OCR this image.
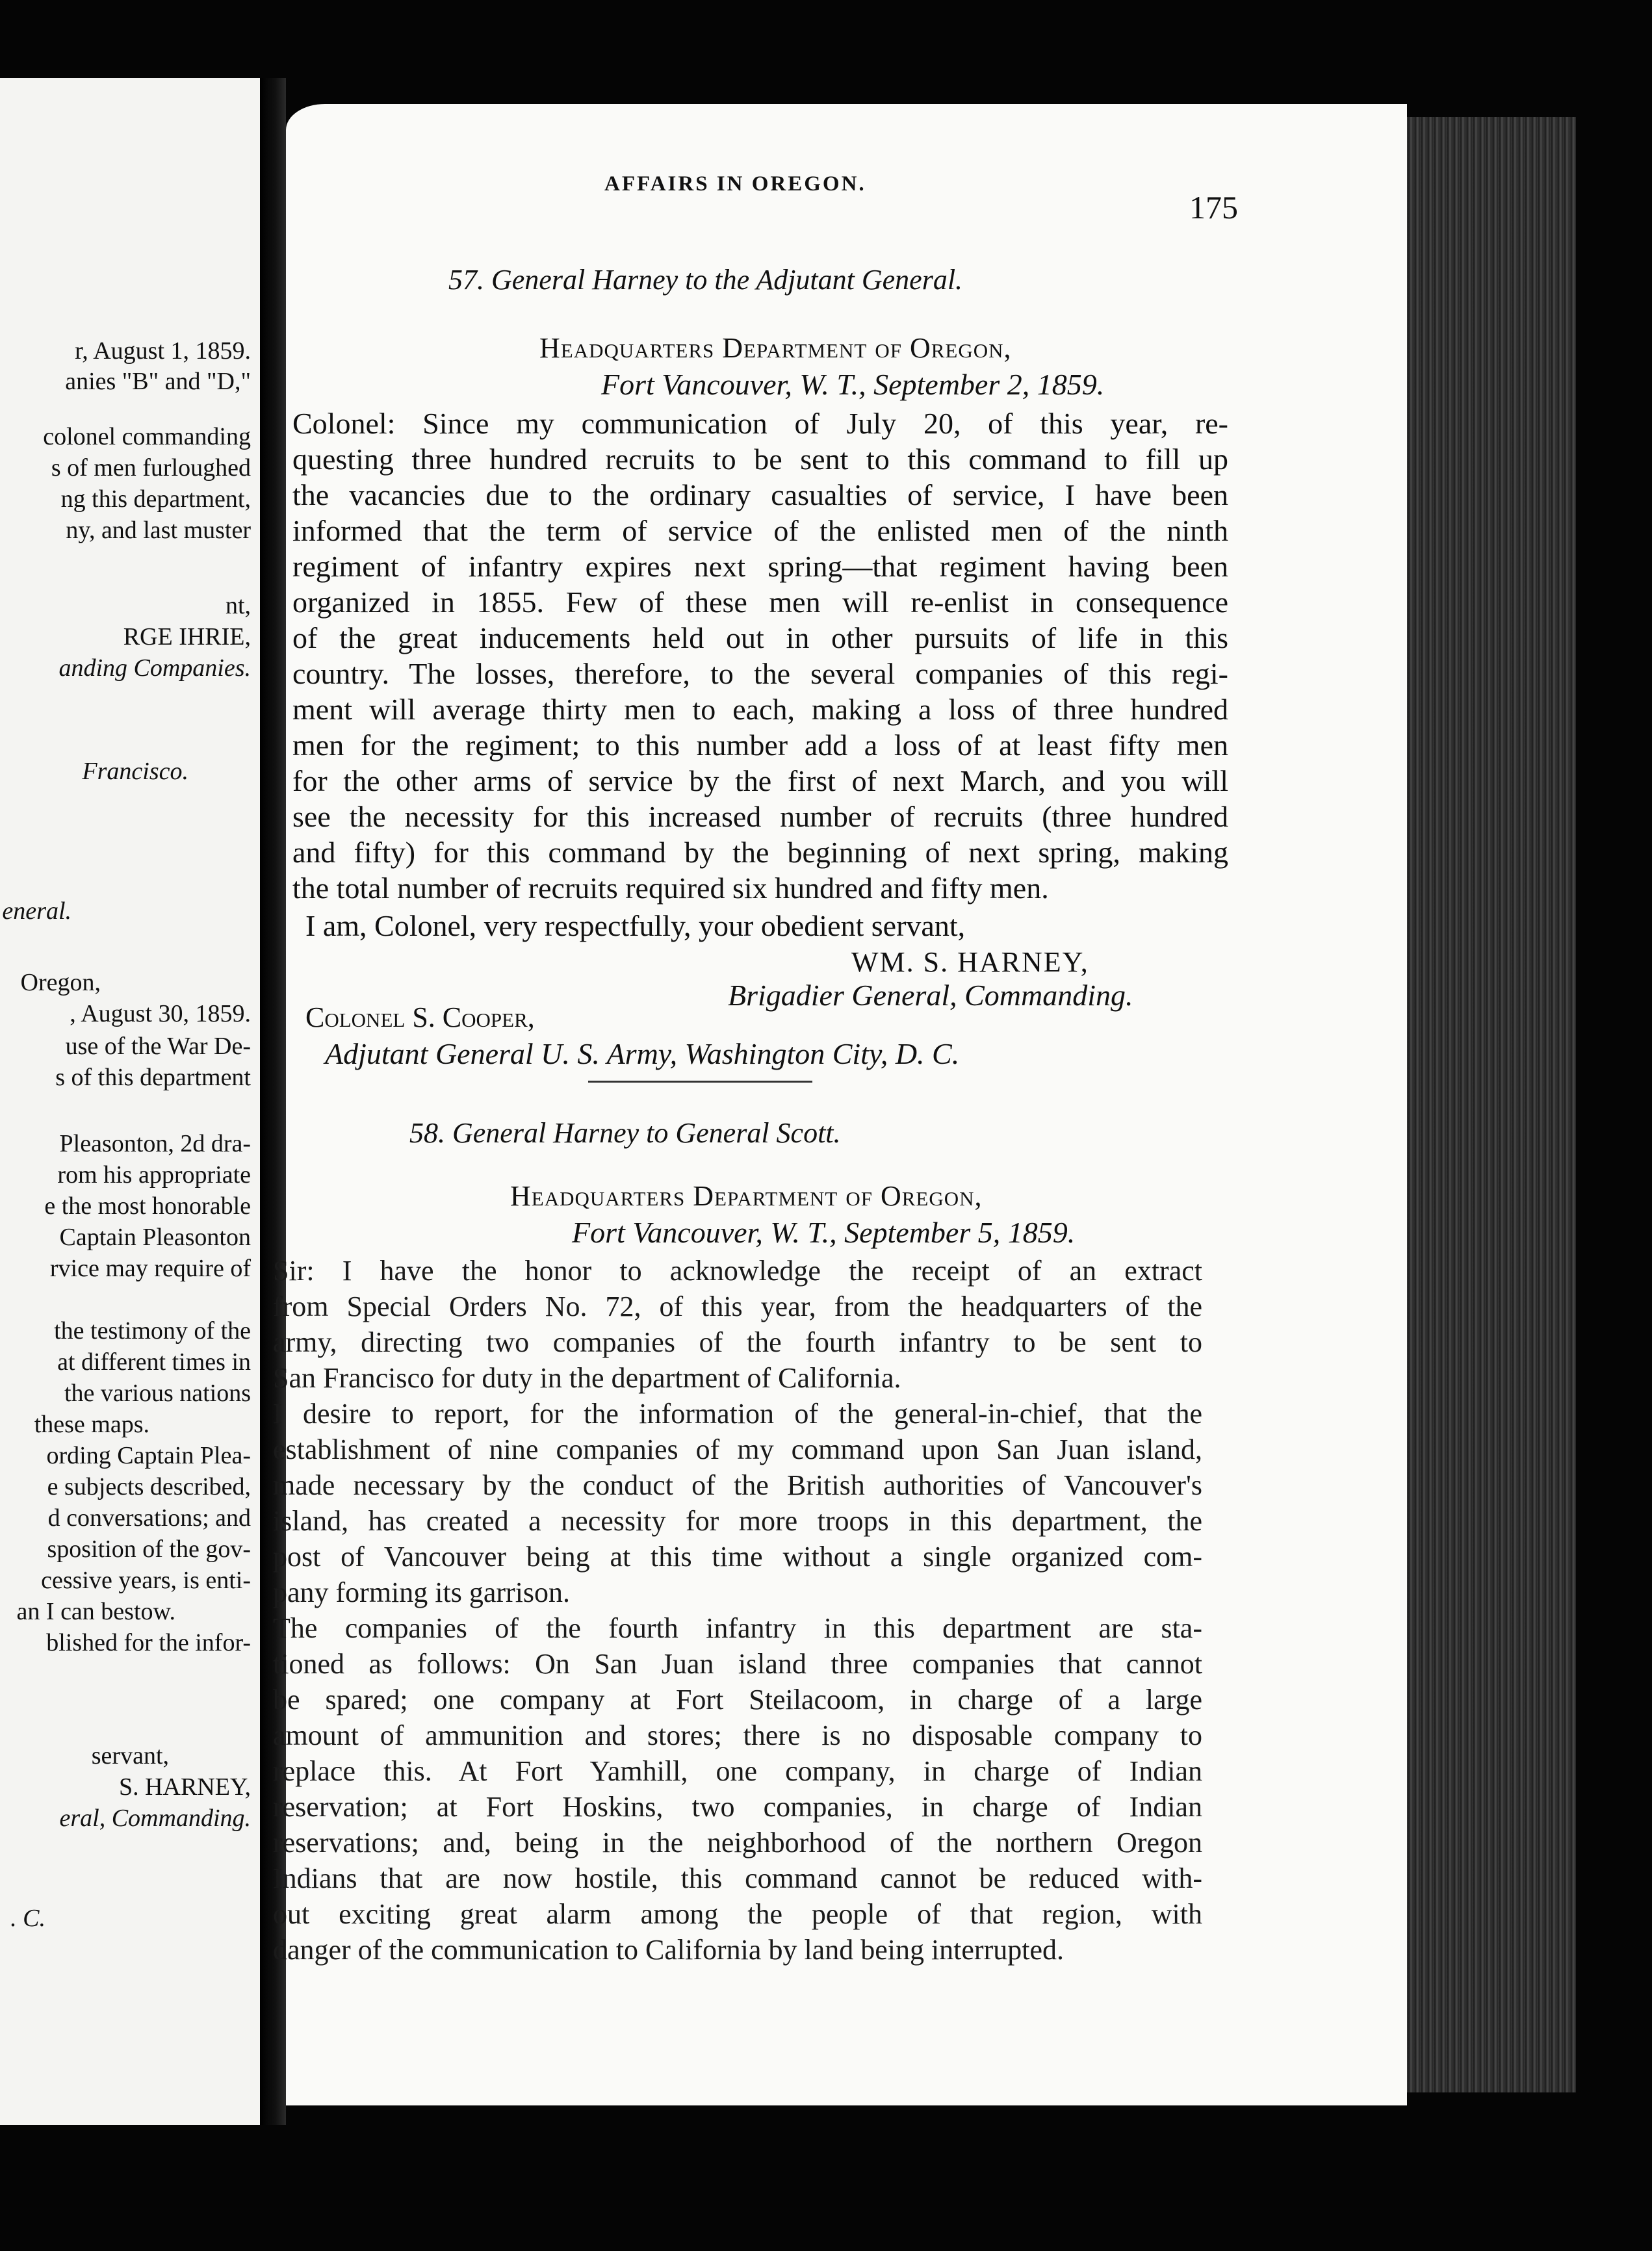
r, August 1, 1859.
anies "B" and "D,"
colonel commanding
s of men furloughed
ng this department,
ny, and last muster
nt,
RGE IHRIE,
anding Companies.
Francisco.
eneral.
Oregon,
, August 30, 1859.
use of the War De-
s of this department
Pleasonton, 2d dra-
rom his appropriate
e the most honorable
Captain Pleasonton
rvice may require of
the testimony of the
at different times in
the various nations
these maps.
ording Captain Plea-
e subjects described,
d conversations; and
sposition of the gov-
cessive years, is enti-
an I can bestow.
blished for the infor-
servant,
S. HARNEY,
eral, Commanding.
. C.
AFFAIRS IN OREGON.
175
57. General Harney to the Adjutant General.
Headquarters Department of Oregon,
Fort Vancouver, W. T., September 2, 1859.
Colonel: Since my communication of July 20, of this year, re-
questing three hundred recruits to be sent to this command to fill up
the vacancies due to the ordinary casualties of service, I have been
informed that the term of service of the enlisted men of the ninth
regiment of infantry expires next spring—that regiment having been
organized in 1855. Few of these men will re-enlist in consequence
of the great inducements held out in other pursuits of life in this
country. The losses, therefore, to the several companies of this regi-
ment will average thirty men to each, making a loss of three hundred
men for the regiment; to this number add a loss of at least fifty men
for the other arms of service by the first of next March, and you will
see the necessity for this increased number of recruits (three hundred
and fifty) for this command by the beginning of next spring, making
the total number of recruits required six hundred and fifty men.
I am, Colonel, very respectfully, your obedient servant,
WM. S. HARNEY,
Brigadier General, Commanding.
Colonel S. Cooper,
Adjutant General U. S. Army, Washington City, D. C.
58. General Harney to General Scott.
Headquarters Department of Oregon,
Fort Vancouver, W. T., September 5, 1859.
Sir: I have the honor to acknowledge the receipt of an extract
from Special Orders No. 72, of this year, from the headquarters of the
army, directing two companies of the fourth infantry to be sent to
San Francisco for duty in the department of California.
I desire to report, for the information of the general-in-chief, that the
establishment of nine companies of my command upon San Juan island,
made necessary by the conduct of the British authorities of Vancouver's
island, has created a necessity for more troops in this department, the
post of Vancouver being at this time without a single organized com-
pany forming its garrison.
The companies of the fourth infantry in this department are sta-
tioned as follows: On San Juan island three companies that cannot
be spared; one company at Fort Steilacoom, in charge of a large
amount of ammunition and stores; there is no disposable company to
replace this. At Fort Yamhill, one company, in charge of Indian
reservation; at Fort Hoskins, two companies, in charge of Indian
reservations; and, being in the neighborhood of the northern Oregon
Indians that are now hostile, this command cannot be reduced with-
out exciting great alarm among the people of that region, with
danger of the communication to California by land being interrupted.
